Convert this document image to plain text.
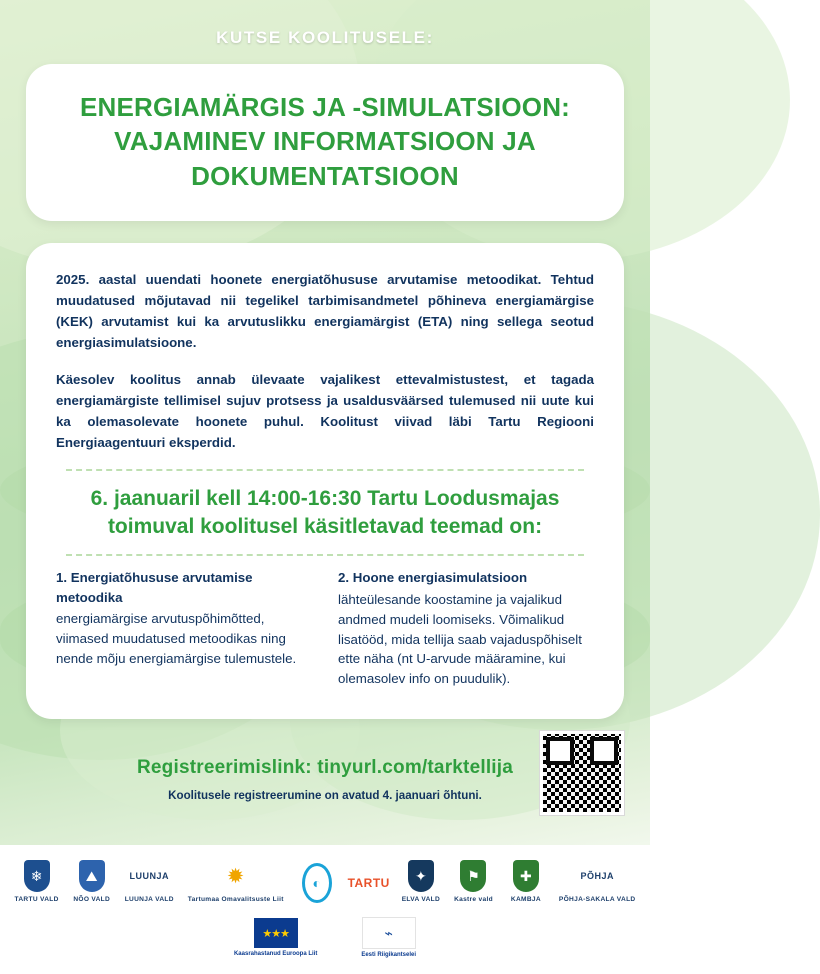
KUTSE KOOLITUSELE:
ENERGIAMÄRGIS JA -SIMULATSIOON: VAJAMINEV INFORMATSIOON JA DOKUMENTATSIOON

2025. aastal uuendati hoonete energiatõhususe arvutamise metoodikat. Tehtud muudatused mõjutavad nii tegelikel tarbimisandmetel põhineva energiamärgise (KEK) arvutamist kui ka arvutuslikku energiamärgist (ETA) ning sellega seotud energiasimulatsioone.

Käesolev koolitus annab ülevaate vajalikest ettevalmistustest, et tagada energiamärgiste tellimisel sujuv protsess ja usaldusväärsed tulemused nii uute kui ka olemasolevate hoonete puhul. Koolitust viivad läbi Tartu Regiooni Energiaagentuuri eksperdid.

6. jaanuaril kell 14:00-16:30 Tartu Loodusmajas toimuval koolitusel käsitletavad teemad on:
1. Energiatõhususe arvutamise metoodika

energiamärgise arvutuspõhimõtted, viimased muudatused metoodikas ning nende mõju energiamärgise tulemustele.

2. Hoone energiasimulatsioon

lähteülesande koostamine ja vajalikud andmed mudeli loomiseks. Võimalikud lisatööd, mida tellija saab vajaduspõhiselt ette näha (nt U-arvude määramine, kui olemasolev info on puudulik).

Registreerimislink: tinyurl.com/tarktellija
Koolitusele registreerumine on avatud 4. jaanuari õhtuni.
❄
TARTU VALD
⛰
NÕO VALD
LUUNJA
LUUNJA VALD
✹
Tartumaa Omavalitsuste Liit
◐	TARTU	✦
ELVA VALD
⚑
Kastre vald
✚
KAMBJA
PÕHJA
PÕHJA-SAKALA VALD
★★★
Kaasrahastanud Euroopa Liit
⌁
Eesti Riigikantselei
